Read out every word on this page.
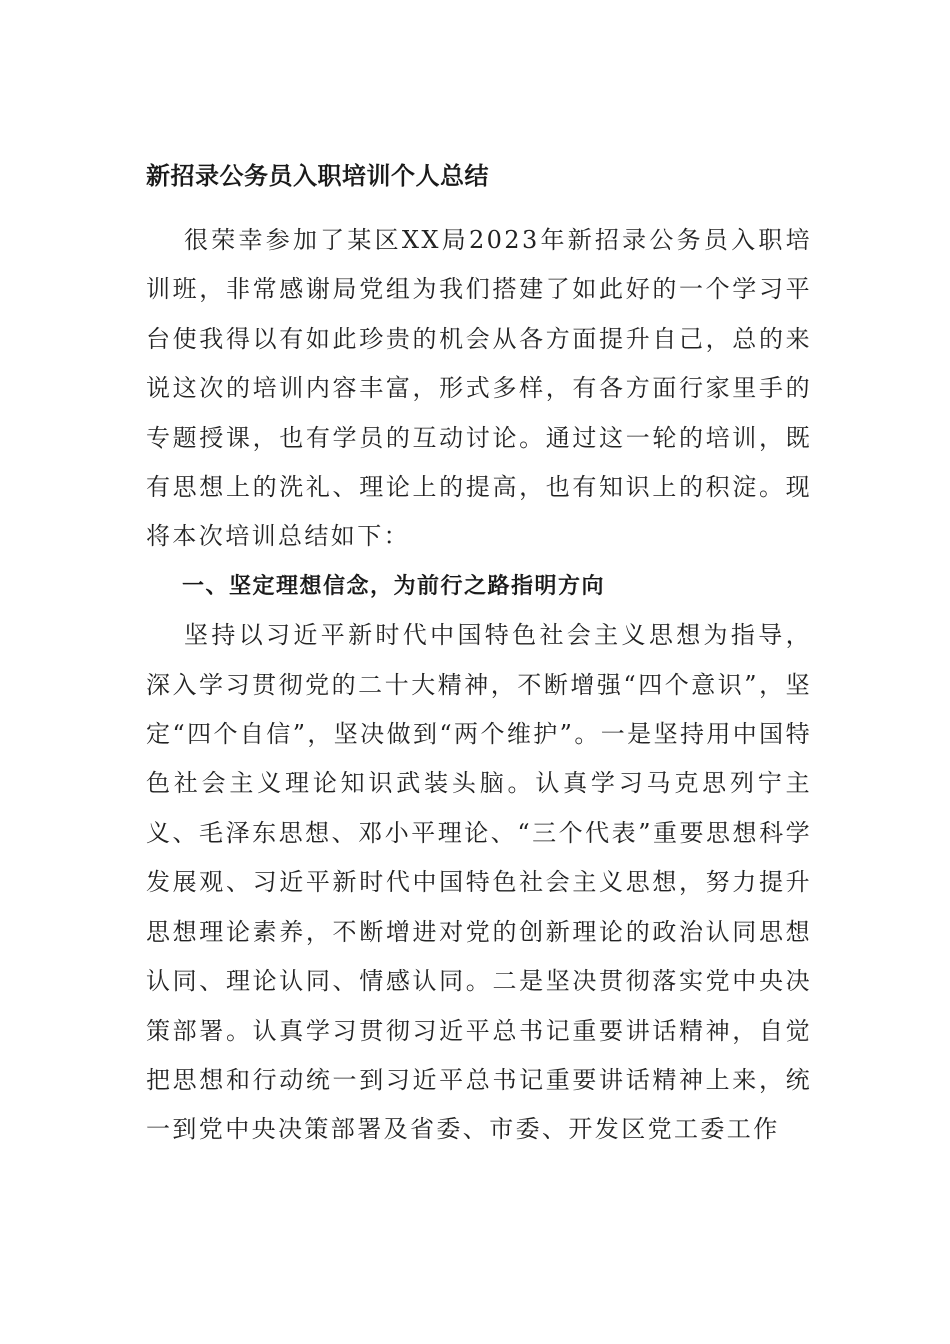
新招录公务员入职培训个人总结

很荣幸参加了某区XX局2023年新招录公务员入职培训班，非常感谢局党组为我们搭建了如此好的一个学习平台使我得以有如此珍贵的机会从各方面提升自己，总的来说这次的培训内容丰富，形式多样，有各方面行家里手的专题授课，也有学员的互动讨论。通过这一轮的培训，既有思想上的洗礼、理论上的提高，也有知识上的积淀。现将本次培训总结如下：

一、坚定理想信念，为前行之路指明方向

坚持以习近平新时代中国特色社会主义思想为指导，深入学习贯彻党的二十大精神，不断增强“四个意识”，坚定“四个自信”，坚决做到“两个维护”。一是坚持用中国特色社会主义理论知识武装头脑。认真学习马克思列宁主义、毛泽东思想、邓小平理论、“三个代表”重要思想科学发展观、习近平新时代中国特色社会主义思想，努力提升思想理论素养，不断增进对党的创新理论的政治认同思想认同、理论认同、情感认同。二是坚决贯彻落实党中央决策部署。认真学习贯彻习近平总书记重要讲话精神，自觉把思想和行动统一到习近平总书记重要讲话精神上来，统一到党中央决策部署及省委、市委、开发区党工委工作
